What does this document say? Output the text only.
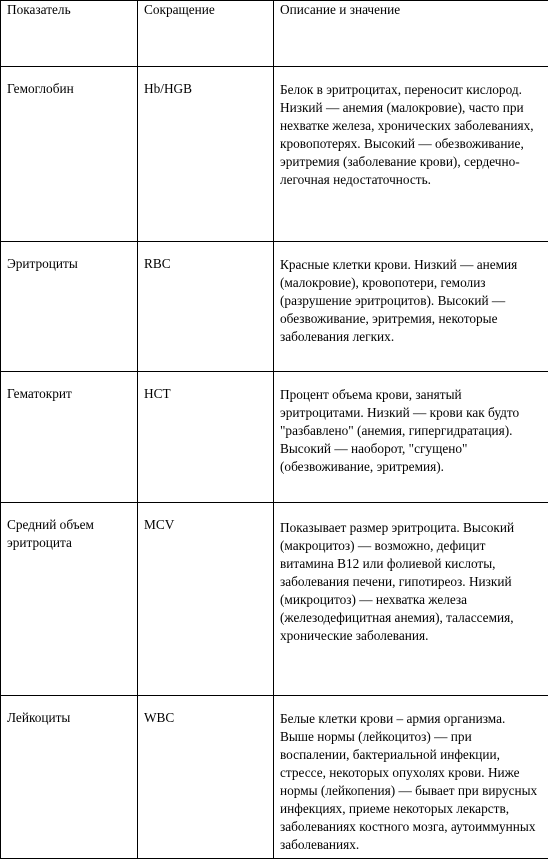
Показатель	Сокращение	Описание и значение
Гемоглобин	Hb/HGB	Белок в эритроцитах, переносит кислород. Низкий — анемия (малокровие), часто при нехватке железа, хронических заболеваниях, кровопотерях. Высокий — обезвоживание, эритремия (заболевание крови), сердечно-легочная недостаточность.
Эритроциты	RBC	Красные клетки крови. Низкий — анемия (малокровие), кровопотери, гемолиз (разрушение эритроцитов). Высокий — обезвоживание, эритремия, некоторые заболевания легких.
Гематокрит	HCT	Процент объема крови, занятый эритроцитами. Низкий — крови как будто "разбавлено" (анемия, гипергидратация). Высокий — наоборот, "сгущено" (обезвоживание, эритремия).
Средний объем эритроцита	MCV	Показывает размер эритроцита. Высокий (макроцитоз) — возможно, дефицит витамина B12 или фолиевой кислоты, заболевания печени, гипотиреоз. Низкий (микроцитоз) — нехватка железа (железодефицитная анемия), талассемия, хронические заболевания.
Лейкоциты	WBC	Белые клетки крови – армия организма. Выше нормы (лейкоцитоз) — при воспалении, бактериальной инфекции, стрессе, некоторых опухолях крови. Ниже нормы (лейкопения) — бывает при вирусных инфекциях, приеме некоторых лекарств, заболеваниях костного мозга, аутоиммунных заболеваниях.
